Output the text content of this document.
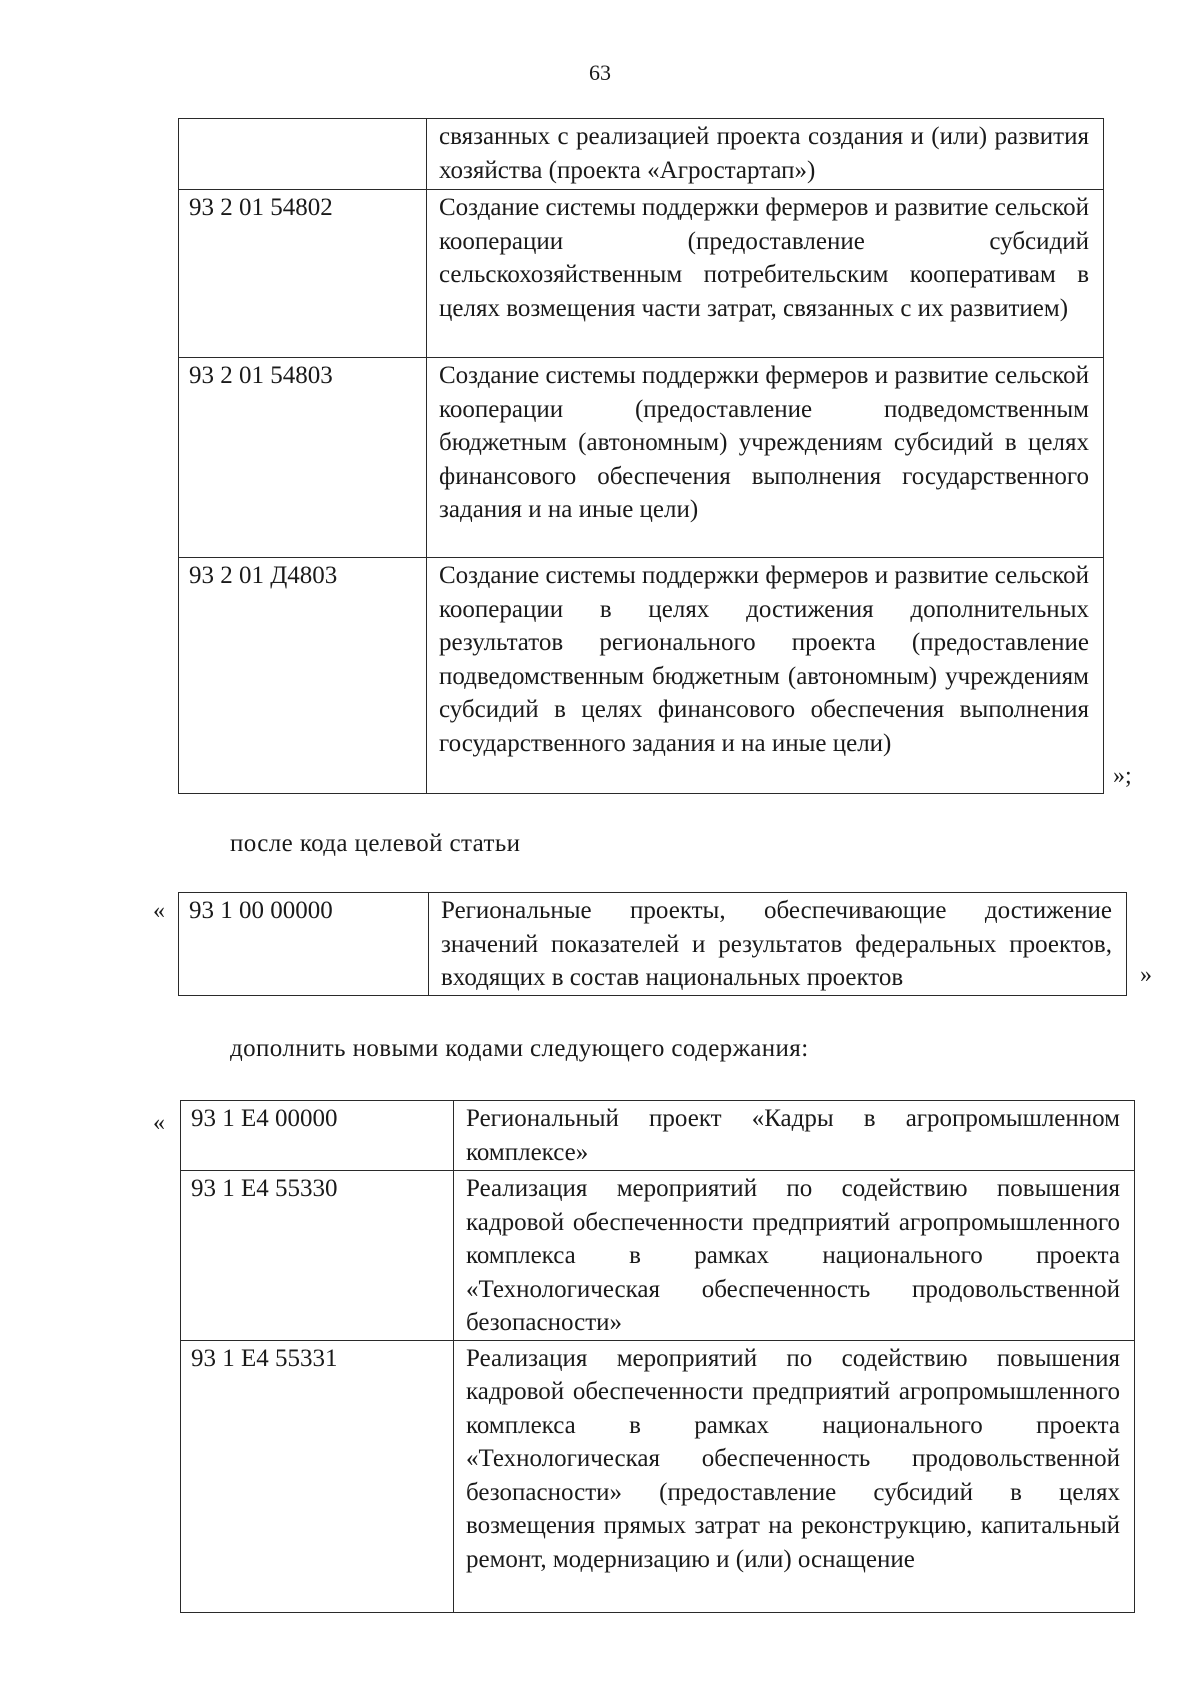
63
	связанных с реализацией проекта создания и (или) развития хозяйства (проекта «Агростартап»)
93 2 01 54802	Создание системы поддержки фермеров и развитие сельской кооперации (предоставление субсидий сельскохозяйственным потребительским кооперативам в целях возмещения части затрат, связанных с их развитием)
93 2 01 54803	Создание системы поддержки фермеров и развитие сельской кооперации (предоставление подведомственным бюджетным (автономным) учреждениям субсидий в целях финансового обеспечения выполнения государственного задания и на иные цели)
93 2 01 Д4803	Создание системы поддержки фермеров и развитие сельской кооперации в целях достижения дополнительных результатов регионального проекта (предоставление подведомственным бюджетным (автономным) учреждениям субсидий в целях финансового обеспечения выполнения государственного задания и на иные цели)
»;
после кода целевой статьи
« 93 1 00 00000	Региональные проекты, обеспечивающие достижение значений показателей и результатов федеральных проектов, входящих в состав национальных проектов	»
дополнить новыми кодами следующего содержания:
« 93 1 E4 00000	Региональный проект «Кадры в агропромышленном комплексе»
93 1 E4 55330	Реализация мероприятий по содействию повышения кадровой обеспеченности предприятий агропромышленного комплекса в рамках национального проекта «Технологическая обеспеченность продовольственной безопасности»
93 1 E4 55331	Реализация мероприятий по содействию повышения кадровой обеспеченности предприятий агропромышленного комплекса в рамках национального проекта «Технологическая обеспеченность продовольственной безопасности» (предоставление субсидий в целях возмещения прямых затрат на реконструкцию, капитальный ремонт, модернизацию и (или) оснащение
